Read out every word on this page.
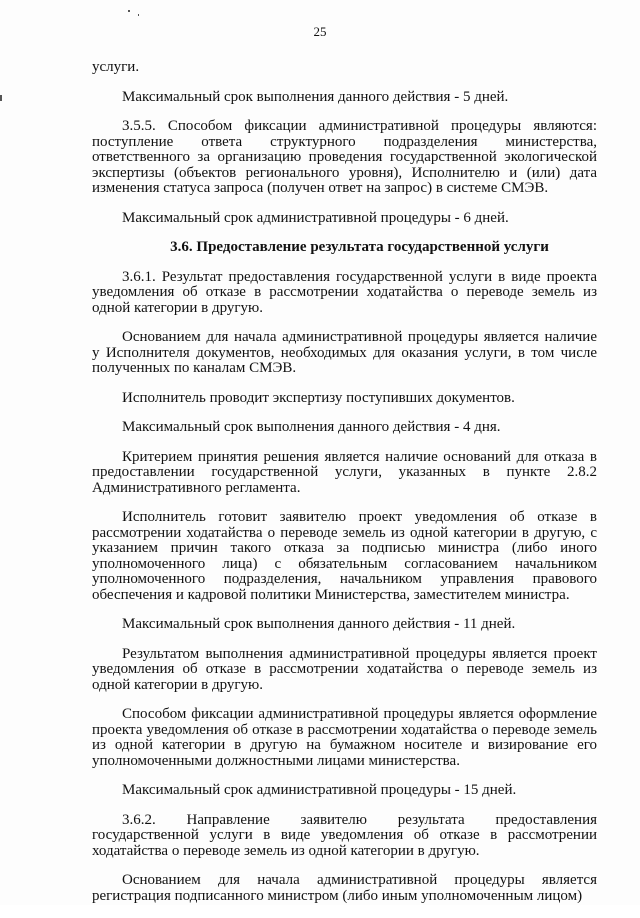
25

услуги.

Максимальный срок выполнения данного действия - 5 дней.

3.5.5. Способом фиксации административной процедуры являются: поступление ответа структурного подразделения министерства, ответственного за организацию проведения государственной экологической экспертизы (объектов регионального уровня), Исполнителю и (или) дата изменения статуса запроса (получен ответ на запрос) в системе СМЭВ.

Максимальный срок административной процедуры - 6 дней.

3.6. Предоставление результата государственной услуги

3.6.1. Результат предоставления государственной услуги в виде проекта уведомления об отказе в рассмотрении ходатайства о переводе земель из одной категории в другую.

Основанием для начала административной процедуры является наличие у Исполнителя документов, необходимых для оказания услуги, в том числе полученных по каналам СМЭВ.

Исполнитель проводит экспертизу поступивших документов.

Максимальный срок выполнения данного действия - 4 дня.

Критерием принятия решения является наличие оснований для отказа в предоставлении государственной услуги, указанных в пункте 2.8.2 Административного регламента.

Исполнитель готовит заявителю проект уведомления об отказе в рассмотрении ходатайства о переводе земель из одной категории в другую, с указанием причин такого отказа за подписью министра (либо иного уполномоченного лица) с обязательным согласованием начальником уполномоченного подразделения, начальником управления правового обеспечения и кадровой политики Министерства, заместителем министра.

Максимальный срок выполнения данного действия - 11 дней.

Результатом выполнения административной процедуры является проект уведомления об отказе в рассмотрении ходатайства о переводе земель из одной категории в другую.

Способом фиксации административной процедуры является оформление проекта уведомления об отказе в рассмотрении ходатайства о переводе земель из одной категории в другую на бумажном носителе и визирование его уполномоченными должностными лицами министерства.

Максимальный срок административной процедуры - 15 дней.

3.6.2. Направление заявителю результата предоставления государственной услуги в виде уведомления об отказе в рассмотрении ходатайства о переводе земель из одной категории в другую.

Основанием для начала административной процедуры является регистрация подписанного министром (либо иным уполномоченным лицом)
